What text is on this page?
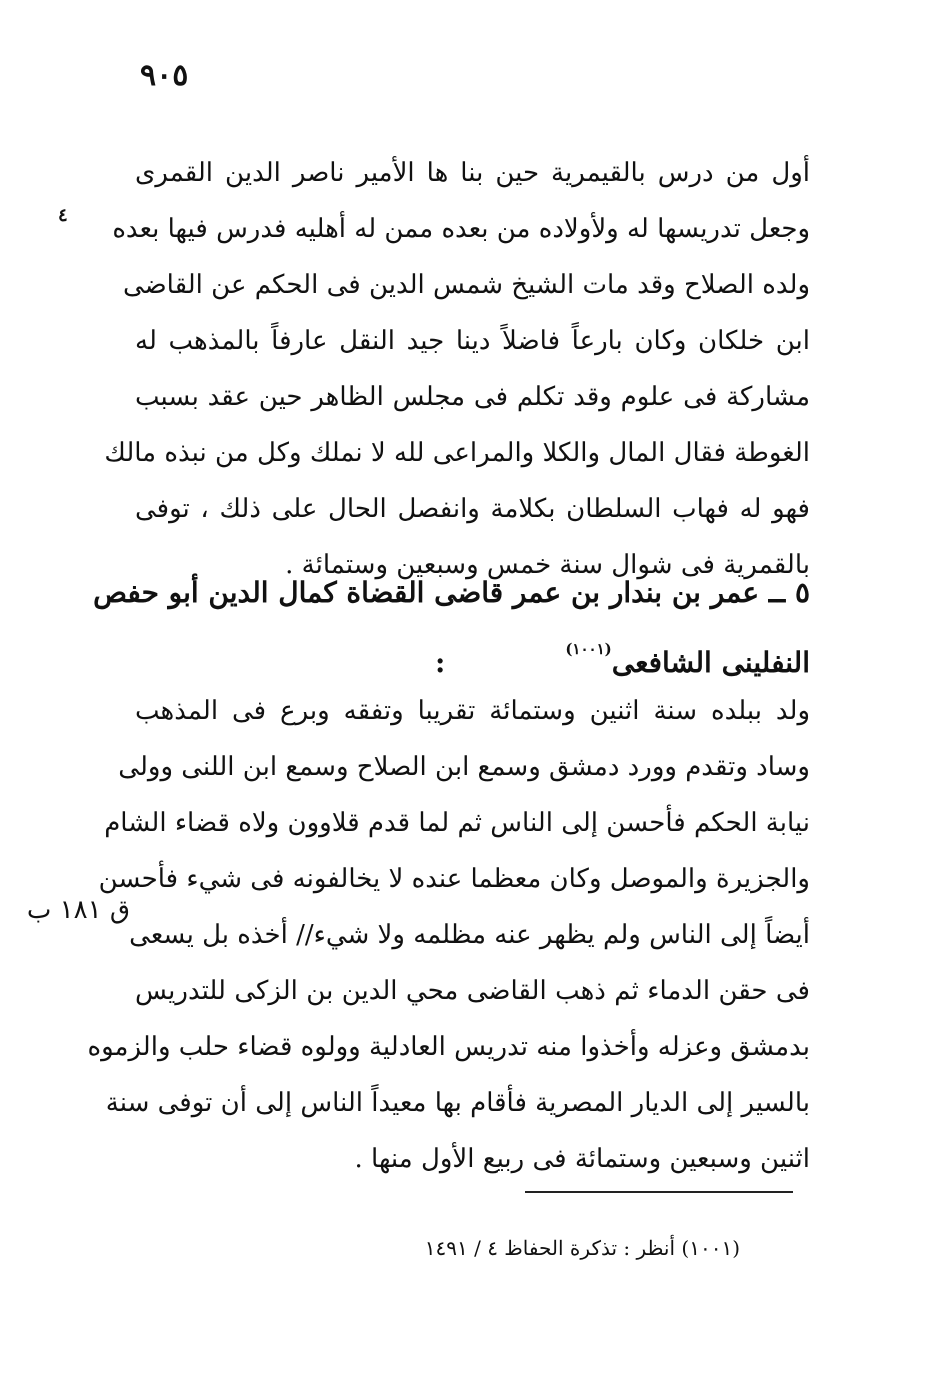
٩٠٥
٤
أول من درس بالقيمرية حين بنا ها الأمير ناصر الدين القمرى
وجعل تدريسها له ولأولاده من بعده ممن له أهليه فدرس فيها بعده
ولده الصلاح وقد مات الشيخ شمس الدين فى الحكم عن القاضى
ابن خلكان وكان بارعاً فاضلاً دينا جيد النقل عارفاً بالمذهب له
مشاركة فى علوم وقد تكلم فى مجلس الظاهر حين عقد بسبب
الغوطة فقال المال والكلا والمراعى لله لا نملك وكل من نبذه مالك
فهو له فهاب السلطان بكلامة وانفصل الحال على ذلك ، توفى
بالقمرية فى شوال سنة خمس وسبعين وستمائة .
٥ ــ عمر بن بندار بن عمر قاضى القضاة كمال الدين أبو حفص
النفلينى الشافعى$^{(١٠٠١)}$:
ولد ببلده سنة اثنين وستمائة تقريبا وتفقه وبرع فى المذهب
وساد وتقدم وورد دمشق وسمع ابن الصلاح وسمع ابن اللنى وولى
نيابة الحكم فأحسن إلى الناس ثم لما قدم قلاوون ولاه قضاء الشام
والجزيرة والموصل وكان معظما عنده لا يخالفونه فى شيء فأحسن
أيضاً إلى الناس ولم يظهر عنه مظلمه ولا شيء// أخذه بل يسعى
فى حقن الدماء ثم ذهب القاضى محي الدين بن الزكى للتدريس
بدمشق وعزله وأخذوا منه تدريس العادلية وولوه قضاء حلب والزموه
بالسير إلى الديار المصرية فأقام بها معيداً الناس إلى أن توفى سنة
اثنين وسبعين وستمائة فى ربيع الأول منها .
ق ١٨١ ب
(١٠٠١) أنظر : تذكرة الحفاظ ٤ / ١٤٩١
